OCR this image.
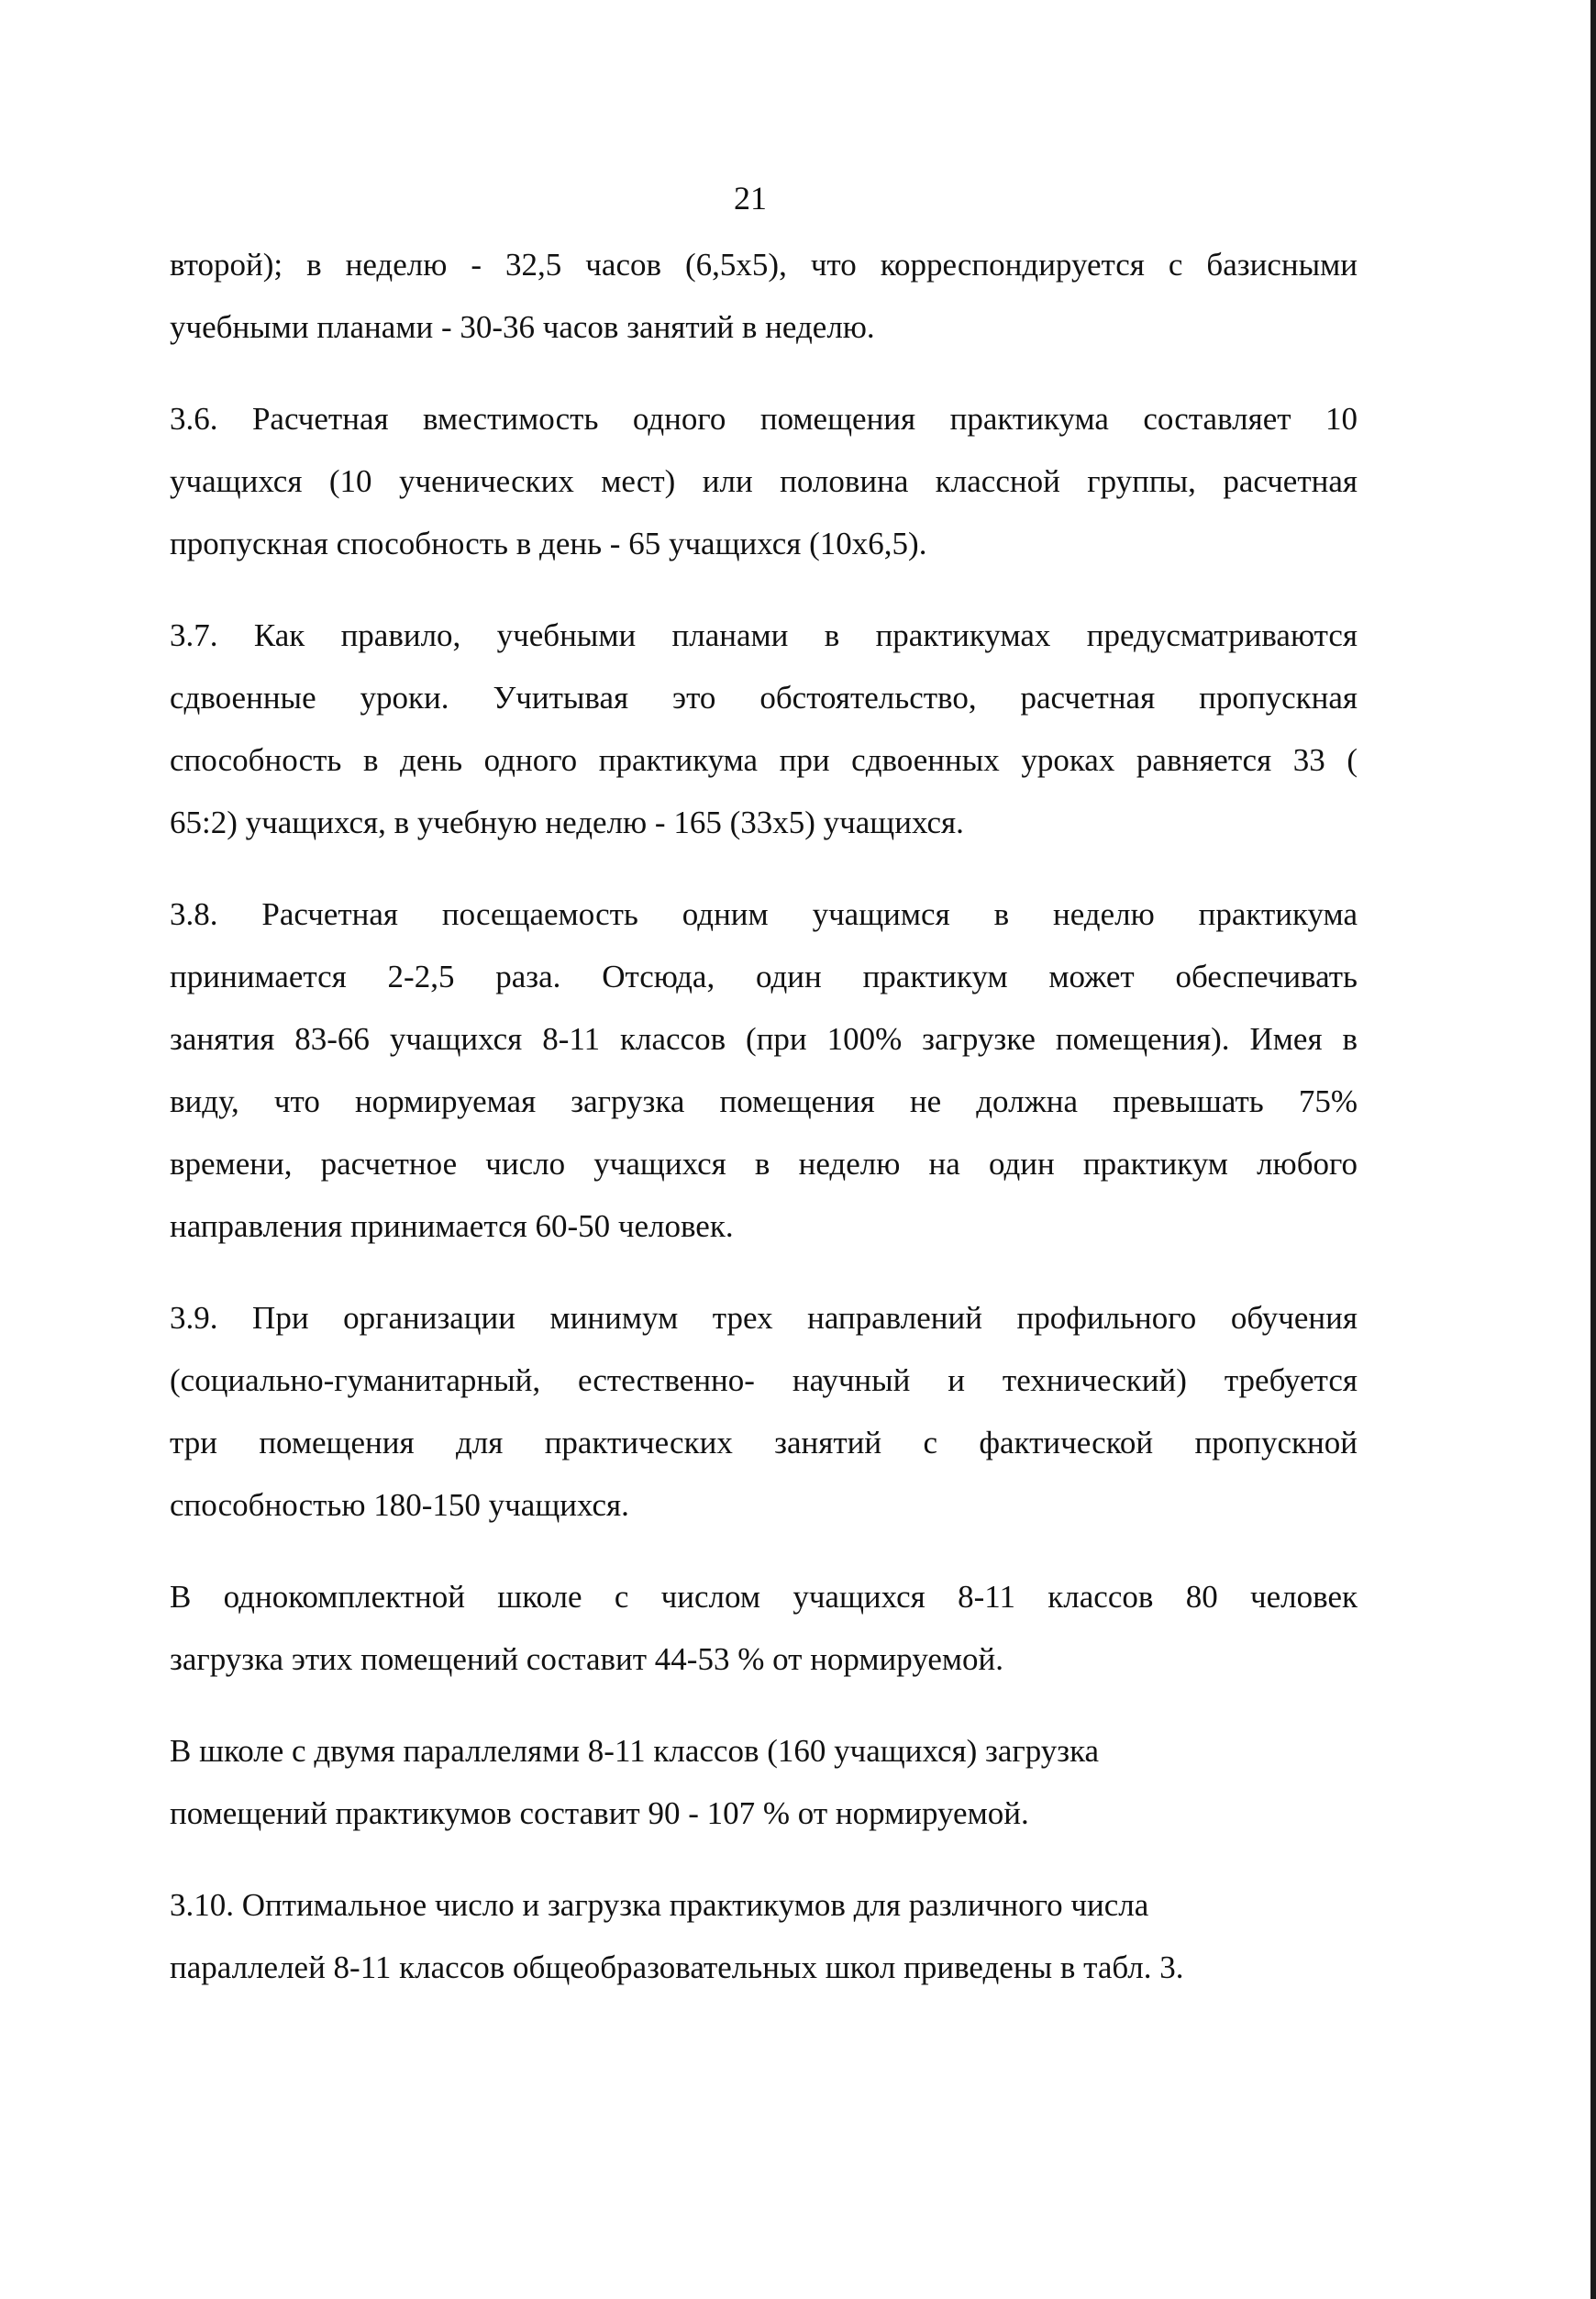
21

второй); в неделю - 32,5 часов (6,5x5), что корреспондируется с базисными
учебными планами - 30-36 часов занятий в неделю.

3.6. Расчетная вместимость одного помещения практикума составляет 10
учащихся (10 ученических мест) или половина классной группы, расчетная
пропускная способность в день - 65 учащихся (10x6,5).

3.7. Как правило, учебными планами в практикумах предусматриваются
сдвоенные уроки. Учитывая это обстоятельство, расчетная пропускная
способность в день одного практикума при сдвоенных уроках равняется 33 (
65:2) учащихся, в учебную неделю - 165 (33x5) учащихся.

3.8. Расчетная посещаемость одним учащимся в неделю практикума
принимается 2-2,5 раза. Отсюда, один практикум может обеспечивать
занятия 83-66 учащихся 8-11 классов (при 100% загрузке помещения). Имея в
виду, что нормируемая загрузка помещения не должна превышать 75%
времени, расчетное число учащихся в неделю на один практикум любого
направления принимается 60-50 человек.

3.9. При организации минимум трех направлений профильного обучения
(социально-гуманитарный, естественно- научный и технический) требуется
три помещения для практических занятий с фактической пропускной
способностью 180-150 учащихся.

В однокомплектной школе с числом учащихся 8-11 классов 80 человек
загрузка этих помещений составит 44-53 % от нормируемой.

В школе с двумя параллелями 8-11 классов (160 учащихся) загрузка
помещений практикумов составит 90 - 107 % от нормируемой.

3.10. Оптимальное число и загрузка практикумов для различного числа
параллелей 8-11 классов общеобразовательных школ приведены в табл. 3.
